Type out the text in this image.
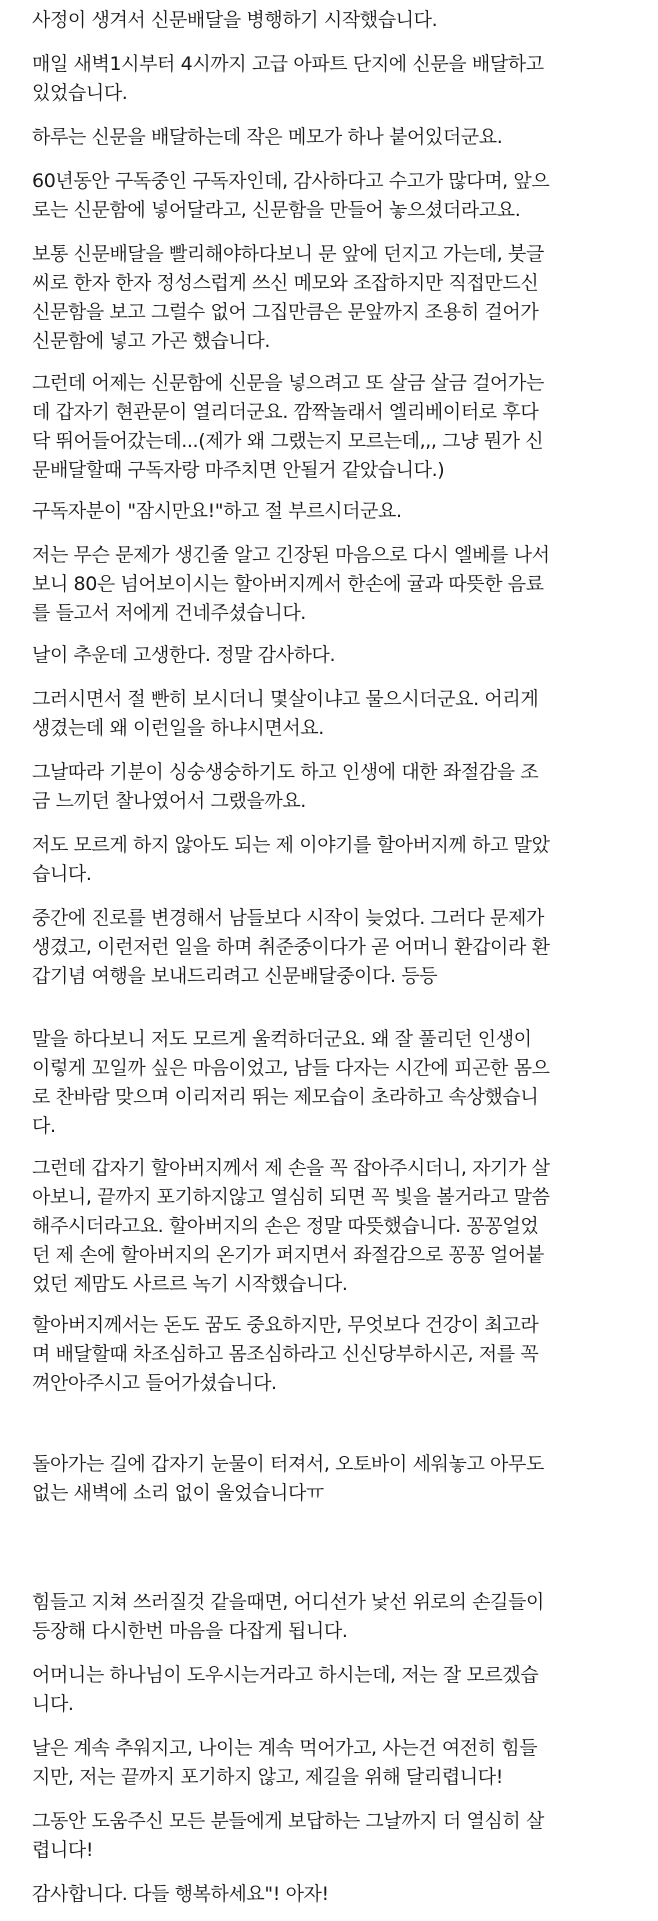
사정이 생겨서 신문배달을 병행하기 시작했습니다.

매일 새벽1시부터 4시까지 고급 아파트 단지에 신문을 배달하고
있었습니다.

하루는 신문을 배달하는데 작은 메모가 하나 붙어있더군요.

60년동안 구독중인 구독자인데, 감사하다고 수고가 많다며, 앞으
로는 신문함에 넣어달라고, 신문함을 만들어 놓으셨더라고요.

보통 신문배달을 빨리해야하다보니 문 앞에 던지고 가는데, 붓글
씨로 한자 한자 정성스럽게 쓰신 메모와 조잡하지만 직접만드신
신문함을 보고 그럴수 없어 그집만큼은 문앞까지 조용히 걸어가
신문함에 넣고 가곤 했습니다.

그런데 어제는 신문함에 신문을 넣으려고 또 살금 살금 걸어가는
데 갑자기 현관문이 열리더군요. 깜짝놀래서 엘리베이터로 후다
닥 뛰어들어갔는데...(제가 왜 그랬는지 모르는데,,, 그냥 뭔가 신
문배달할때 구독자랑 마주치면 안될거 같았습니다.)

구독자분이 "잠시만요!"하고 절 부르시더군요.

저는 무슨 문제가 생긴줄 알고 긴장된 마음으로 다시 엘베를 나서
보니 80은 넘어보이시는 할아버지께서 한손에 귤과 따뜻한 음료
를 들고서 저에게 건네주셨습니다.

날이 추운데 고생한다. 정말 감사하다.

그러시면서 절 빤히 보시더니 몇살이냐고 물으시더군요. 어리게
생겼는데 왜 이런일을 하냐시면서요.

그날따라 기분이 싱숭생숭하기도 하고 인생에 대한 좌절감을 조
금 느끼던 찰나였어서 그랬을까요.

저도 모르게 하지 않아도 되는 제 이야기를 할아버지께 하고 말았
습니다.

중간에 진로를 변경해서 남들보다 시작이 늦었다. 그러다 문제가
생겼고, 이런저런 일을 하며 취준중이다가 곧 어머니 환갑이라 환
갑기념 여행을 보내드리려고 신문배달중이다. 등등

말을 하다보니 저도 모르게 울컥하더군요. 왜 잘 풀리던 인생이
이렇게 꼬일까 싶은 마음이었고, 남들 다자는 시간에 피곤한 몸으
로 찬바람 맞으며 이리저리 뛰는 제모습이 초라하고 속상했습니
다.

그런데 갑자기 할아버지께서 제 손을 꼭 잡아주시더니, 자기가 살
아보니, 끝까지 포기하지않고 열심히 되면 꼭 빛을 볼거라고 말씀
해주시더라고요. 할아버지의 손은 정말 따뜻했습니다. 꽁꽁얼었
던 제 손에 할아버지의 온기가 퍼지면서 좌절감으로 꽁꽁 얼어붙
었던 제맘도 사르르 녹기 시작했습니다.

할아버지께서는 돈도 꿈도 중요하지만, 무엇보다 건강이 최고라
며 배달할때 차조심하고 몸조심하라고 신신당부하시곤, 저를 꼭
껴안아주시고 들어가셨습니다.

돌아가는 길에 갑자기 눈물이 터져서, 오토바이 세워놓고 아무도
없는 새벽에 소리 없이 울었습니다ㅠ

힘들고 지쳐 쓰러질것 같을때면, 어디선가 낯선 위로의 손길들이
등장해 다시한번 마음을 다잡게 됩니다.

어머니는 하나님이 도우시는거라고 하시는데, 저는 잘 모르겠습
니다.

날은 계속 추워지고, 나이는 계속 먹어가고, 사는건 여전히 힘들
지만, 저는 끝까지 포기하지 않고, 제길을 위해 달리렵니다!

그동안 도움주신 모든 분들에게 보답하는 그날까지 더 열심히 살
렵니다!

감사합니다. 다들 행복하세요"! 아자!
